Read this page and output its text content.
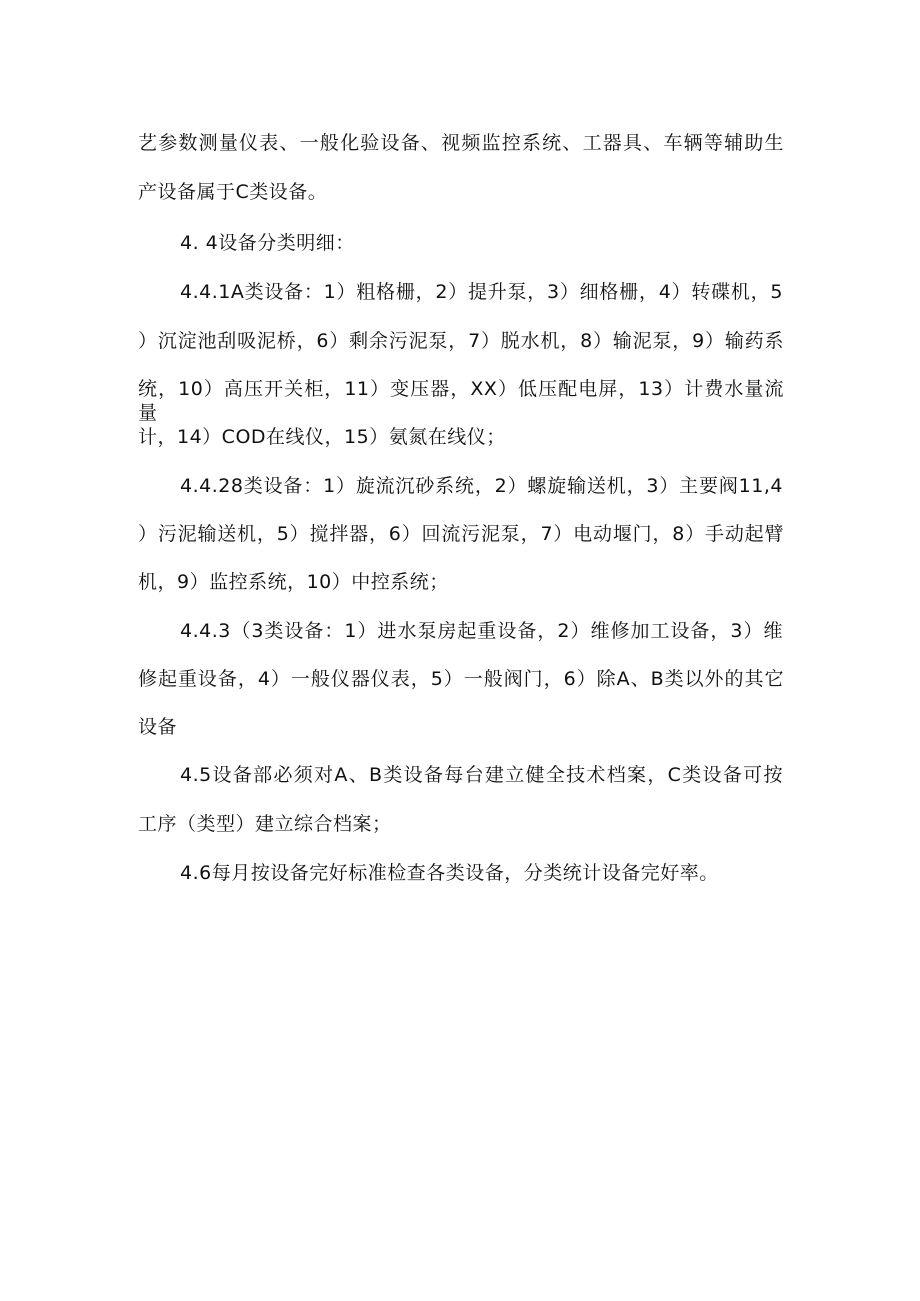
艺参数测量仪表、一般化验设备、视频监控系统、工器具、车辆等辅助生
产设备属于C类设备。
4. 4设备分类明细：
4.4.1A类设备：1）粗格栅，2）提升泵，3）细格栅，4）转碟机，5
）沉淀池刮吸泥桥，6）剩余污泥泵，7）脱水机，8）输泥泵，9）输药系
统，10）高压开关柜，11）变压器，XX）低压配电屏，13）计费水量流量
计，14）COD在线仪，15）氨氮在线仪；
4.4.28类设备：1）旋流沉砂系统，2）螺旋输送机，3）主要阀11,4
）污泥输送机，5）搅拌器，6）回流污泥泵，7）电动堰门，8）手动起臂
机，9）监控系统，10）中控系统；
4.4.3（3类设备：1）进水泵房起重设备，2）维修加工设备，3）维
修起重设备，4）一般仪器仪表，5）一般阀门，6）除A、B类以外的其它
设备
4.5设备部必须对A、B类设备每台建立健全技术档案，C类设备可按
工序（类型）建立综合档案；
4.6每月按设备完好标准检查各类设备，分类统计设备完好率。
